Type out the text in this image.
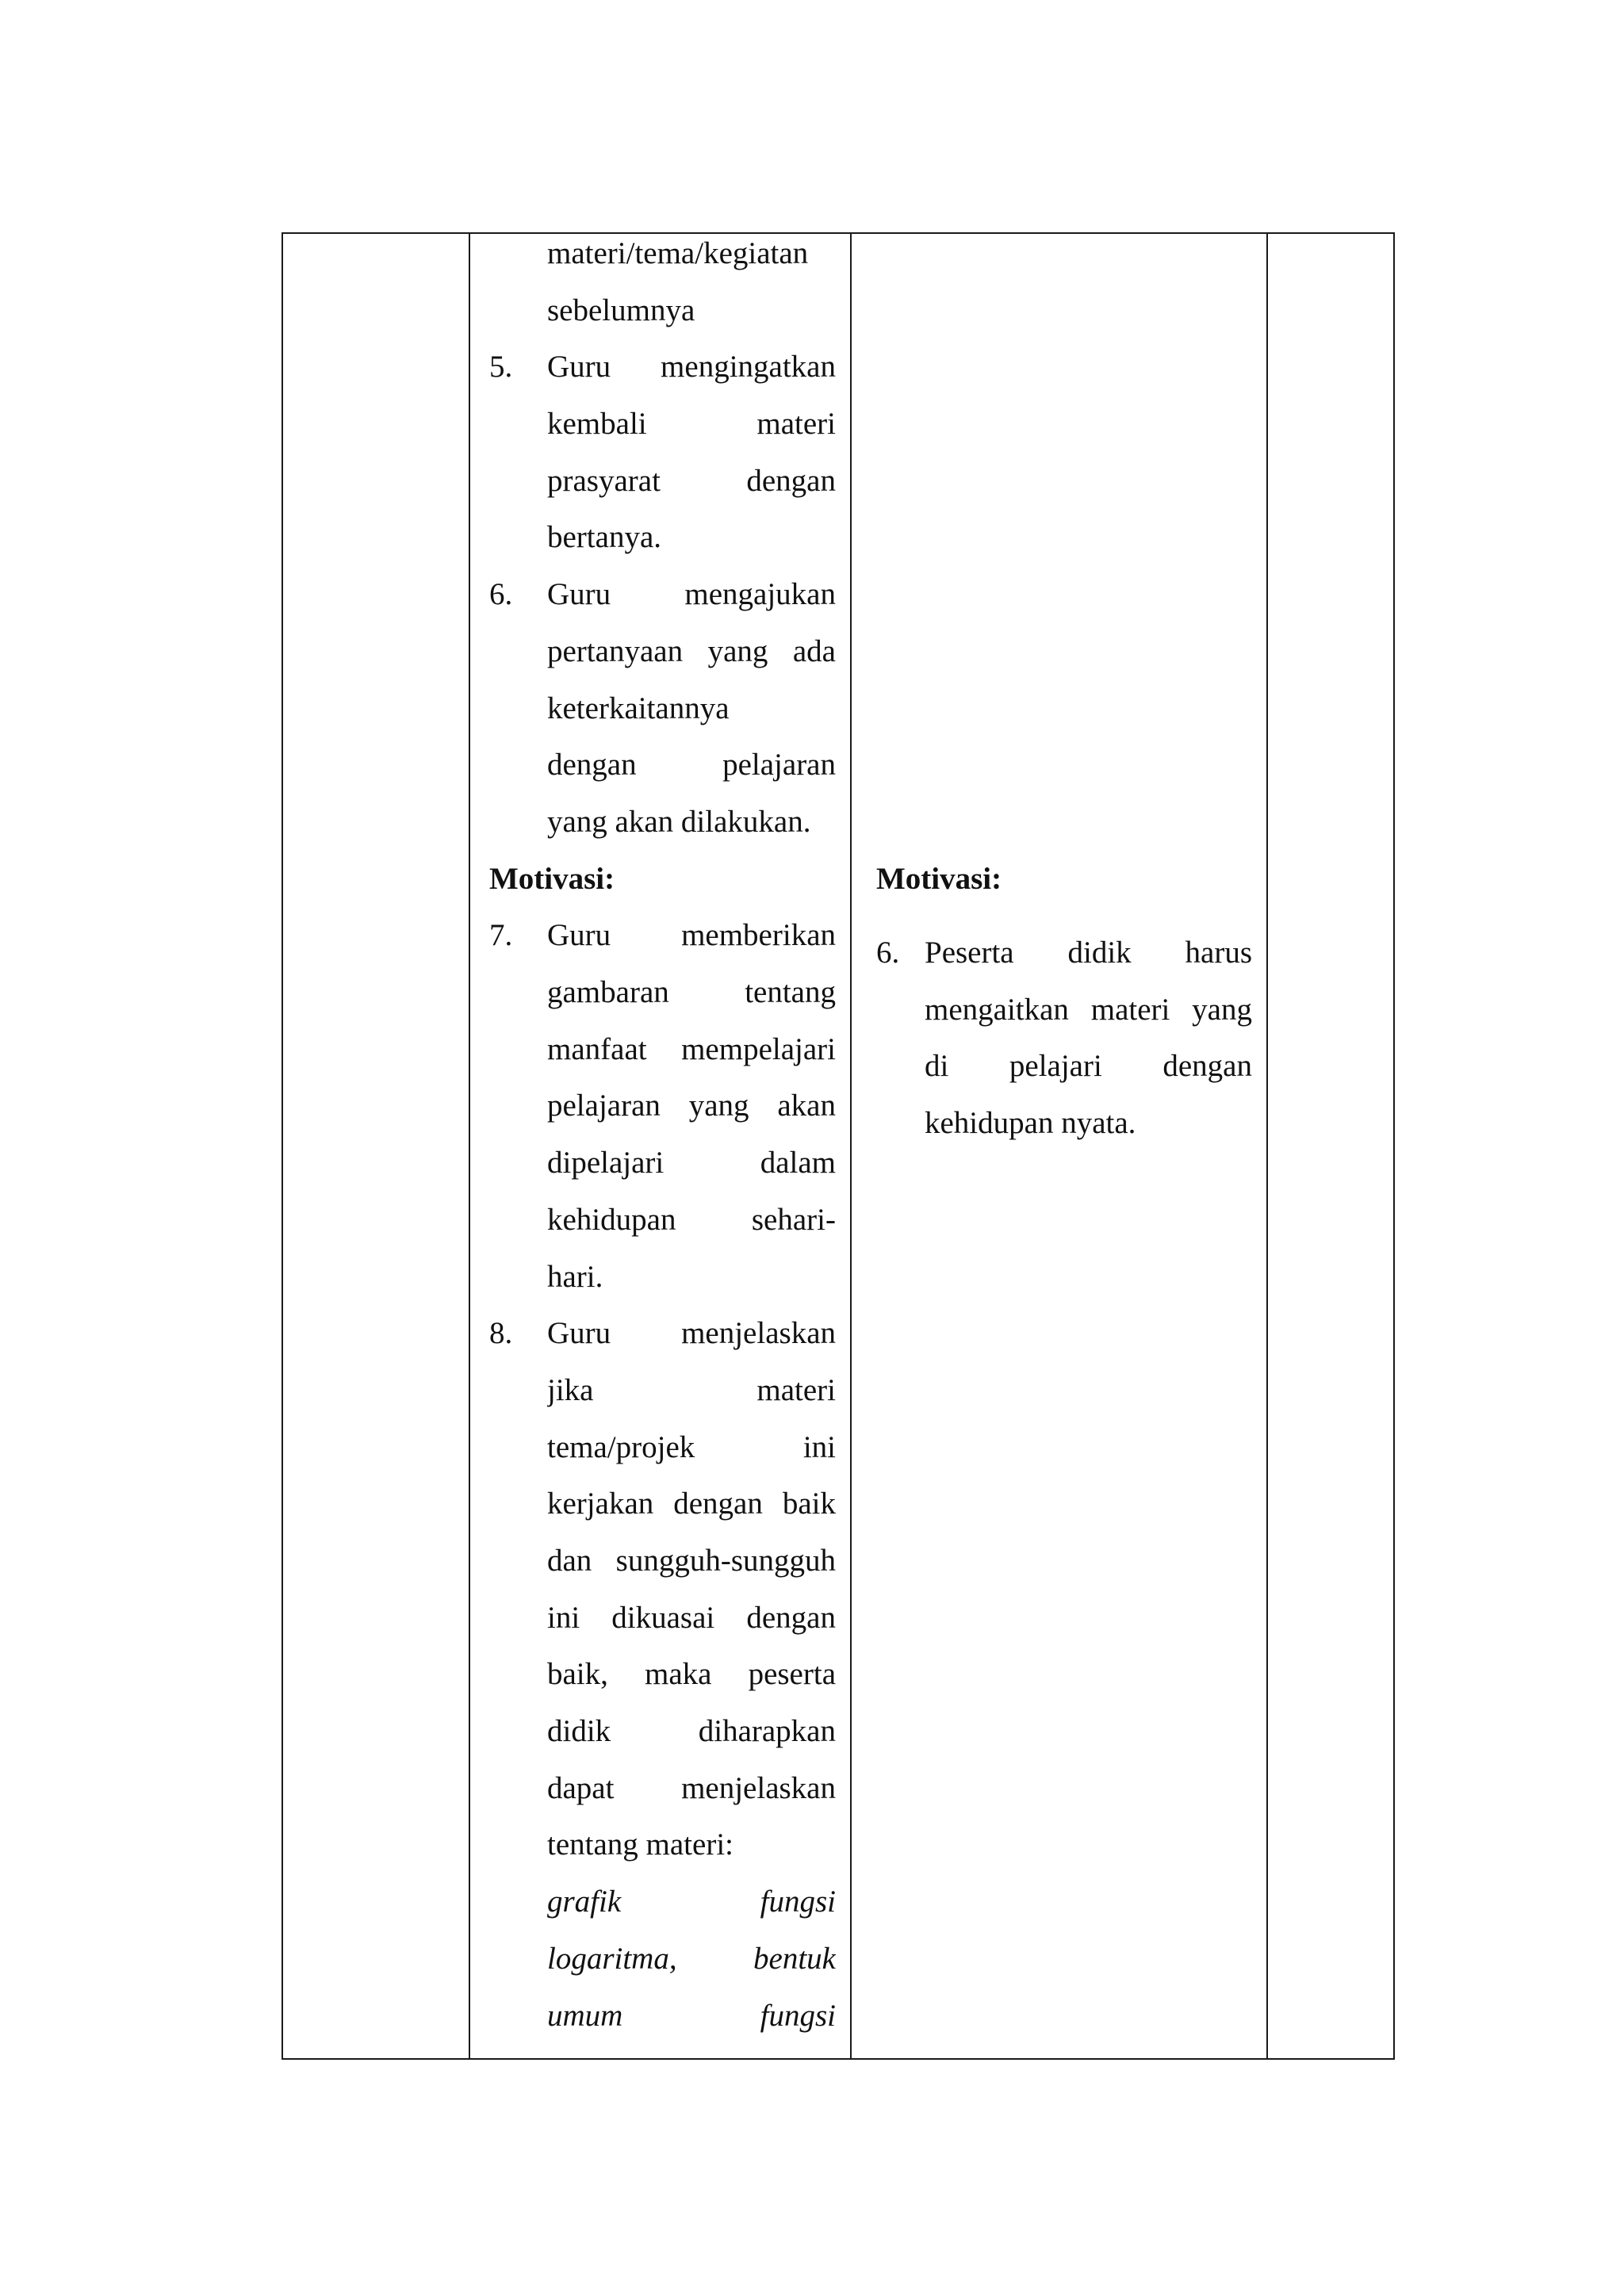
materi/tema/kegiatan
sebelumnya
5. Guru mengingatkan
kembali materi
prasyarat dengan
bertanya.
6. Guru mengajukan
pertanyaan yang ada
keterkaitannya
dengan pelajaran
yang akan dilakukan.
Motivasi:
7. Guru memberikan
gambaran tentang
manfaat mempelajari
pelajaran yang akan
dipelajari dalam
kehidupan sehari-
hari.
8. Guru menjelaskan
jika materi
tema/projek ini
kerjakan dengan baik
dan sungguh-sungguh
ini dikuasai dengan
baik, maka peserta
didik diharapkan
dapat menjelaskan
tentang materi:
grafik fungsi
logaritma, bentuk
umum fungsi
Motivasi:
6. Peserta didik harus
mengaitkan materi yang
di pelajari dengan
kehidupan nyata.
